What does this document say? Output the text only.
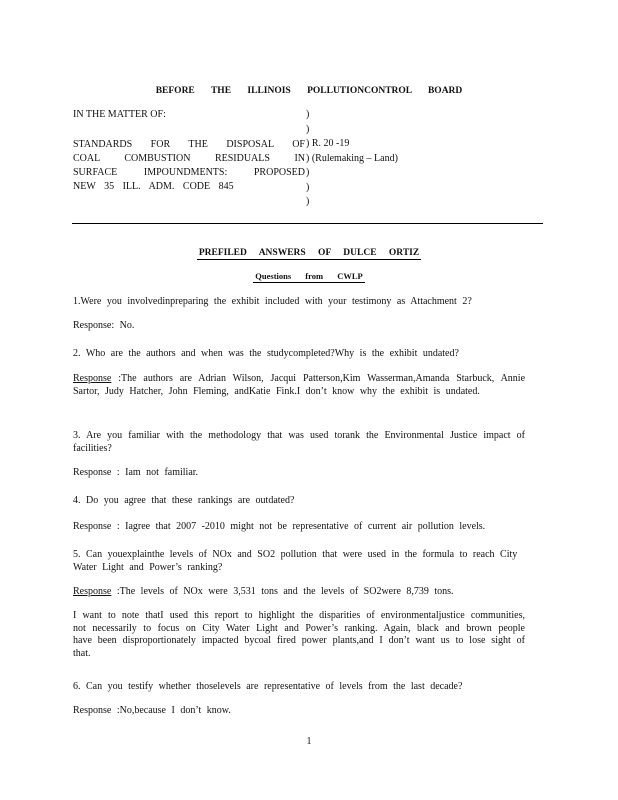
BEFORE THE ILLINOIS POLLUTIONCONTROL BOARD
IN THE MATTER OF:
STANDARDS FOR THE DISPOSAL OF
COAL COMBUSTION RESIDUALS IN
SURFACE IMPOUNDMENTS: PROPOSED
NEW 35 ILL. ADM. CODE 845
)
)
) R. 20 -19
) (Rulemaking – Land)
)
)
)
PREFILED ANSWERS OF DULCE ORTIZ
Questions from CWLP
1.Were you involvedinpreparing the exhibit included with your testimony as Attachment 2?
Response: No.
2. Who are the authors and when was the studycompleted?Why is the exhibit undated?
Response :The authors are Adrian Wilson, Jacqui Patterson,Kim Wasserman,Amanda Starbuck, Annie Sartor, Judy Hatcher, John Fleming, andKatie Fink.I don’t know why the exhibit is undated.
3. Are you familiar with the methodology that was used torank the Environmental Justice impact of facilities?
Response : Iam not familiar.
4. Do you agree that these rankings are outdated?
Response : Iagree that 2007 -2010 might not be representative of current air pollution levels.
5. Can youexplainthe levels of NOx and SO2 pollution that were used in the formula to reach City Water Light and Power’s ranking?
Response :The levels of NOx were 3,531 tons and the levels of SO2were 8,739 tons.
I want to note thatI used this report to highlight the disparities of environmentaljustice communities, not necessarily to focus on City Water Light and Power’s ranking. Again, black and brown people have been disproportionately impacted bycoal fired power plants,and I don’t want us to lose sight of that.
6. Can you testify whether thoselevels are representative of levels from the last decade?
Response :No,because I don’t know.
1
